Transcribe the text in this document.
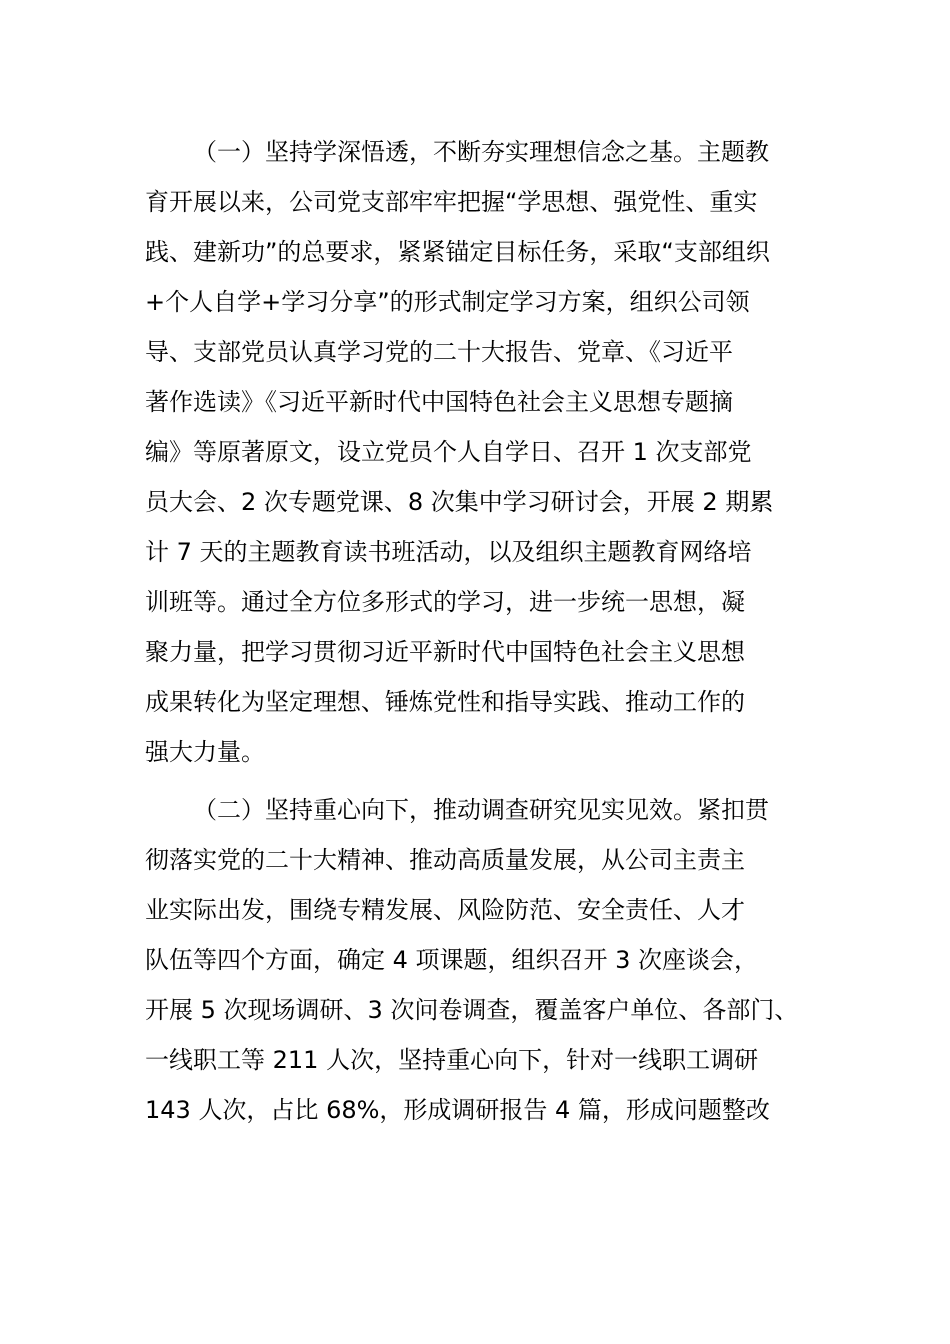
（一）坚持学深悟透，不断夯实理想信念之基。主题教
育开展以来，公司党支部牢牢把握“学思想、强党性、重实
践、建新功”的总要求，紧紧锚定目标任务，采取“支部组织
+个人自学+学习分享”的形式制定学习方案，组织公司领
导、支部党员认真学习党的二十大报告、党章、《习近平
著作选读》《习近平新时代中国特色社会主义思想专题摘
编》等原著原文，设立党员个人自学日、召开 1 次支部党
员大会、2 次专题党课、8 次集中学习研讨会，开展 2 期累
计 7 天的主题教育读书班活动，以及组织主题教育网络培
训班等。通过全方位多形式的学习，进一步统一思想，凝
聚力量，把学习贯彻习近平新时代中国特色社会主义思想
成果转化为坚定理想、锤炼党性和指导实践、推动工作的
强大力量。

（二）坚持重心向下，推动调查研究见实见效。紧扣贯
彻落实党的二十大精神、推动高质量发展，从公司主责主
业实际出发，围绕专精发展、风险防范、安全责任、人才
队伍等四个方面，确定 4 项课题，组织召开 3 次座谈会，
开展 5 次现场调研、3 次问卷调查，覆盖客户单位、各部门、
一线职工等 211 人次，坚持重心向下，针对一线职工调研
143 人次，占比 68%，形成调研报告 4 篇，形成问题整改
